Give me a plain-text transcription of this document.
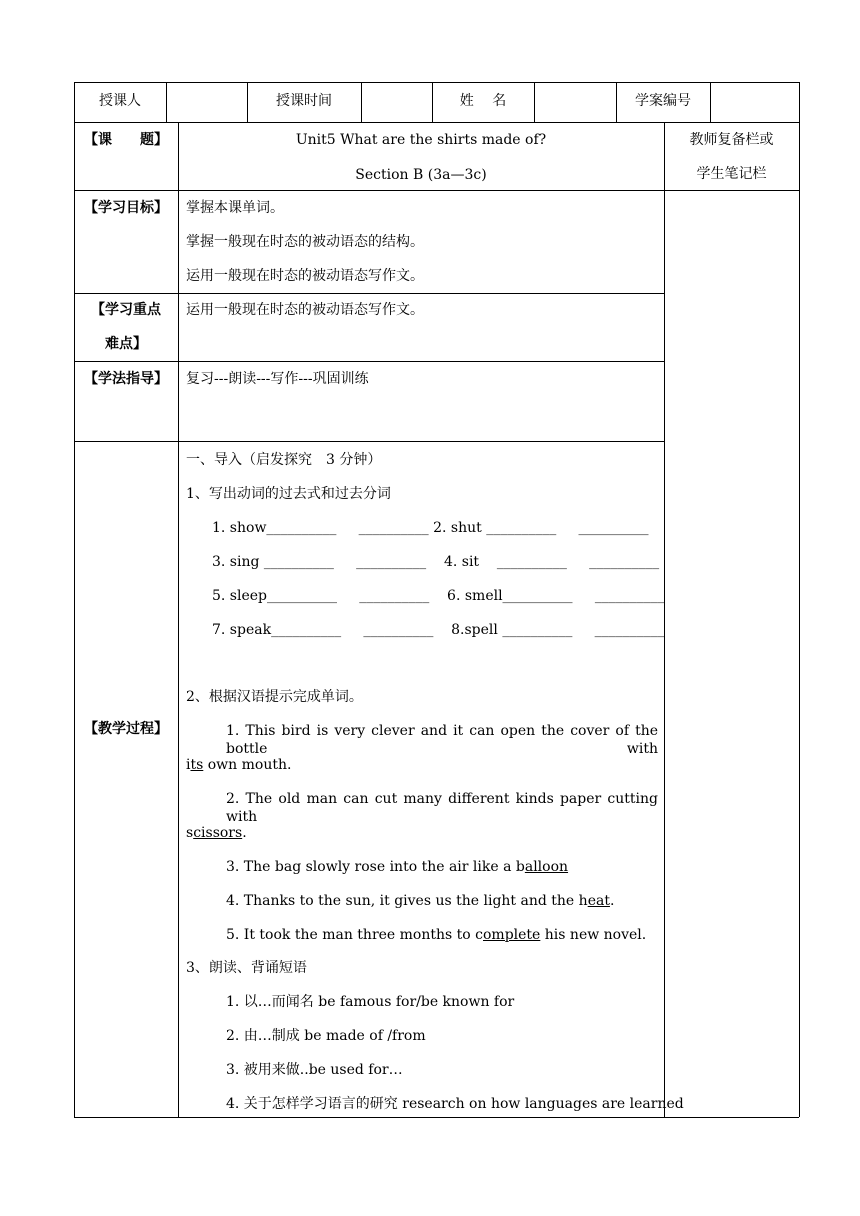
授课人	授课时间	姓　 名	学案编号
【课　　题】	Unit5 What are the shirts made of?
Section B (3a—3c)
教师复备栏或
学生笔记栏
【学习目标】	掌握本课单词。
掌握一般现在时态的被动语态的结构。
运用一般现在时态的被动语态写作文。
【学习重点
难点】
运用一般现在时态的被动语态写作文。
【学法指导】	复习---朗读---写作---巩固训练
【教学过程】
一、导入（启发探究　3 分钟）
1、写出动词的过去式和过去分词
1. show__________     __________ 2. shut __________     __________
3. sing __________     __________    4. sit    __________     __________
5. sleep__________     __________    6. smell__________     __________
7. speak__________     __________    8.spell __________     __________
2、根据汉语提示完成单词。
1. This bird is very clever and it can open the cover of the bottle with
its own mouth.
2. The old man can cut many different kinds paper cutting with
scissors.
3. The bag slowly rose into the air like a balloon
4. Thanks to the sun, it gives us the light and the heat.
5. It took the man three months to complete his new novel.
3、朗读、背诵短语
1. 以…而闻名 be famous for/be known for
2. 由…制成 be made of /from
3. 被用来做..be used for…
4. 关于怎样学习语言的研究 research on how languages are learned
